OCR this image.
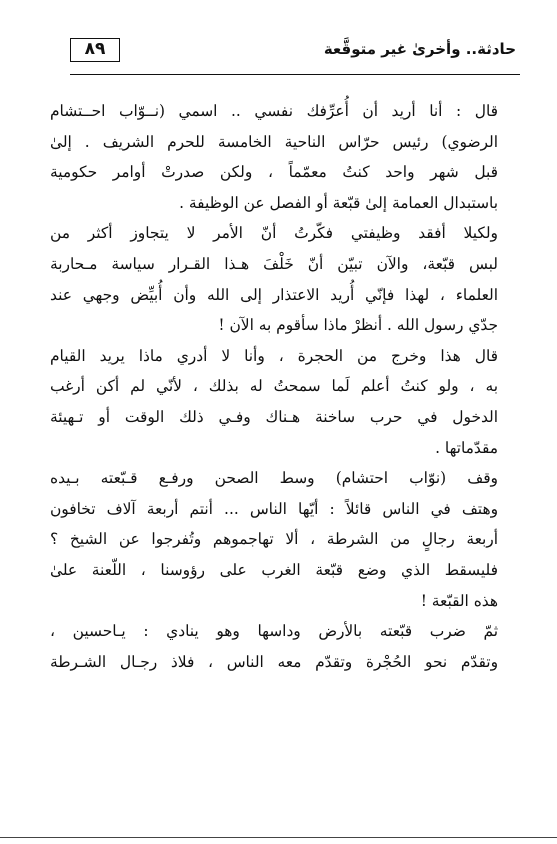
٨٩	حادثة.. وأخرىٰ غير متوقَّعة

قال : أنا أريد أن أُعرِّفك نفسي .. اسمي (نــوّاب احــتشام
الرضوي) رئيس حرّاس الناحية الخامسة للحرم الشريف . إلىٰ
قبل شهر واحد كنتُ معمّماً ، ولكن صدرتْ أوامر حكومية
باستبدال العمامة إلىٰ قبّعة أو الفصل عن الوظيفة .

ولكيلا أفقد وظيفتي فكّرتُ أنّ الأمر لا يتجاوز أكثر من
لبس قبّعة، والآن تبيّن أنّ خَلْفَ هـذا القـرار سياسة مـحاربة
العلماء ، لهذا فإنّي أُريد الاعتذار إلى الله وأن أُبيِّض وجهي عند
جدّي رسول الله . أنظرْ ماذا سأقوم به الآن !

قال هذا وخرج من الحجرة ، وأنا لا أدري ماذا يريد القيام
به ، ولو كنتُ أعلم لَما سمحتُ له بذلك ، لأنّي لم أكن أرغب
الدخول في حرب ساخنة هـناك وفـي ذلك الوقت أو تـهيئة
مقدّماتها .

وقف (نوّاب احتشام) وسط الصحن ورفـع قـبّعته بـيده
وهتف في الناس قائلاً : أيّها الناس ... أنتم أربعة آلاف تخافون
أربعة رجالٍ من الشرطة ، ألا تهاجموهم وتُفرجوا عن الشيخ ؟
فليسقط الذي وضع قبّعة الغرب على رؤوسنا ، اللّعنة علىٰ
هذه القبّعة !

ثمّ ضرب قبّعته بالأرض وداسها وهو ينادي : يـاحسين ،
وتقدّم نحو الحُجْرة وتقدّم معه الناس ، فلاذ رجـال الشـرطة
